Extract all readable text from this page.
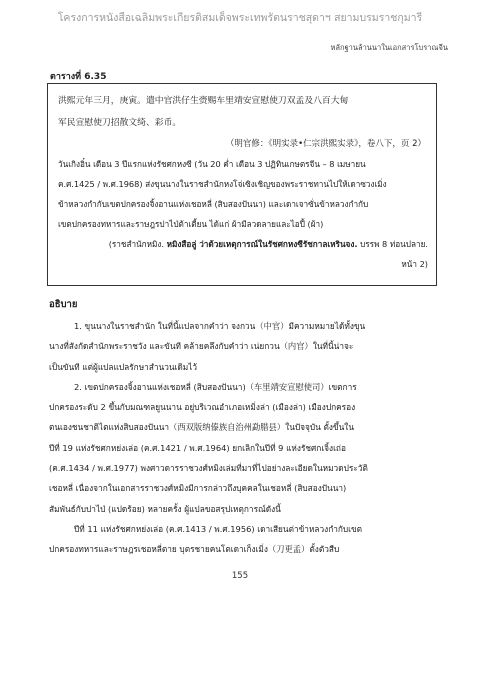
โครงการหนังสือเฉลิมพระเกียรติสมเด็จพระเทพรัตนราชสุดาฯ สยามบรมราชกุมารี
หลักฐานล้านนาในเอกสารโบราณจีน
ตารางที่ 6.35

洪熙元年三月，庚寅。遣中官洪仔生赍赐车里靖安宣慰使刀双孟及八百大甸

军民宣慰使刀招散文绮、彩币。

（明官修：《明实录•仁宗洪熙实录》，卷八下，页 2）

วันเกิงอิ๋น เดือน 3 ปีแรกแห่งรัชศกหงซี (วัน 20 ค่ำ เดือน 3 ปฏิทินเกษตรจีน – 8 เมษายน

ค.ศ.1425 / พ.ศ.1968) ส่งขุนนางในราชสำนักหงโจ่เซิงเชิญของพระราชทานไปให้เดาซวงเมิ่ง

ข้าหลวงกำกับเขตปกครองจิ้งอานแห่งเชอหลี่ (สิบสองปันนา) และเดาเจาซั่นข้าหลวงกำกับ

เขตปกครองทหารและราษฎรปาไป่ต้าเตี้ยน ได้แก่ ผ้ามีลวดลายและไอปี้ (ผ้า)

(ราชสำนักหมิง. หมิงสือลู่ ว่าด้วยเหตุการณ์ในรัชศกหงซีรัชกาลเหรินจง. บรรพ 8 ท่อนปลาย.

หน้า 2)

อธิบาย

1. ขุนนางในราชสำนัก ในที่นี้แปลจากคำว่า จงกวน（中官）มีความหมายได้ทั้งขุน

นางที่สังกัดสำนักพระราชวัง และขันที คล้ายคลึงกับคำว่า เน่ยกวน（内官）ในที่นี้น่าจะ

เป็นขันที แต่ผู้แปลแปลรักษาสำนวนเดิมไว้

2. เขตปกครองจิ้งอานแห่งเชอหลี่ (สิบสองปันนา)（车里靖安宣慰使司）เขตการ

ปกครองระดับ 2 ขึ้นกับมณฑลยูนนาน อยู่บริเวณอำเภอเหมิ่งล่า (เมืองล่า) เมืองปกครอง

ตนเองชนชาติไตแห่งสิบสองปันนา（西双版纳傣族自治州勐腊县）ในปัจจุบัน ตั้งขึ้นใน

ปีที่ 19 แห่งรัชศกหย่งเล่อ (ค.ศ.1421 / พ.ศ.1964) ยกเลิกในปีที่ 9 แห่งรัชศกเจิ้งเถ่อ

(ค.ศ.1434 / พ.ศ.1977) พงศาวดารราชวงศ์หมิงเล่มที่มาที่ไปอย่างละเอียดในหมวดประวัติ

เชอหลี่ เนื่องจากในเอกสารราชวงศ์หมิงมีการกล่าวถึงบุคคลในเชอหลี่ (สิบสองปันนา)

สัมพันธ์กับปาไป่ (แปดร้อย) หลายครั้ง ผู้แปลขอสรุปเหตุการณ์ดังนี้

ปีที่ 11 แห่งรัชศกหย่งเล่อ (ค.ศ.1413 / พ.ศ.1956) เดาเสียนต่าข้าหลวงกำกับเขต

ปกครองทหารและราษฎรเชอหลี่ตาย บุตรชายคนโตเดาเก็งเมิ่ง（刀更孟）ตั้งตัวสืบ

155
